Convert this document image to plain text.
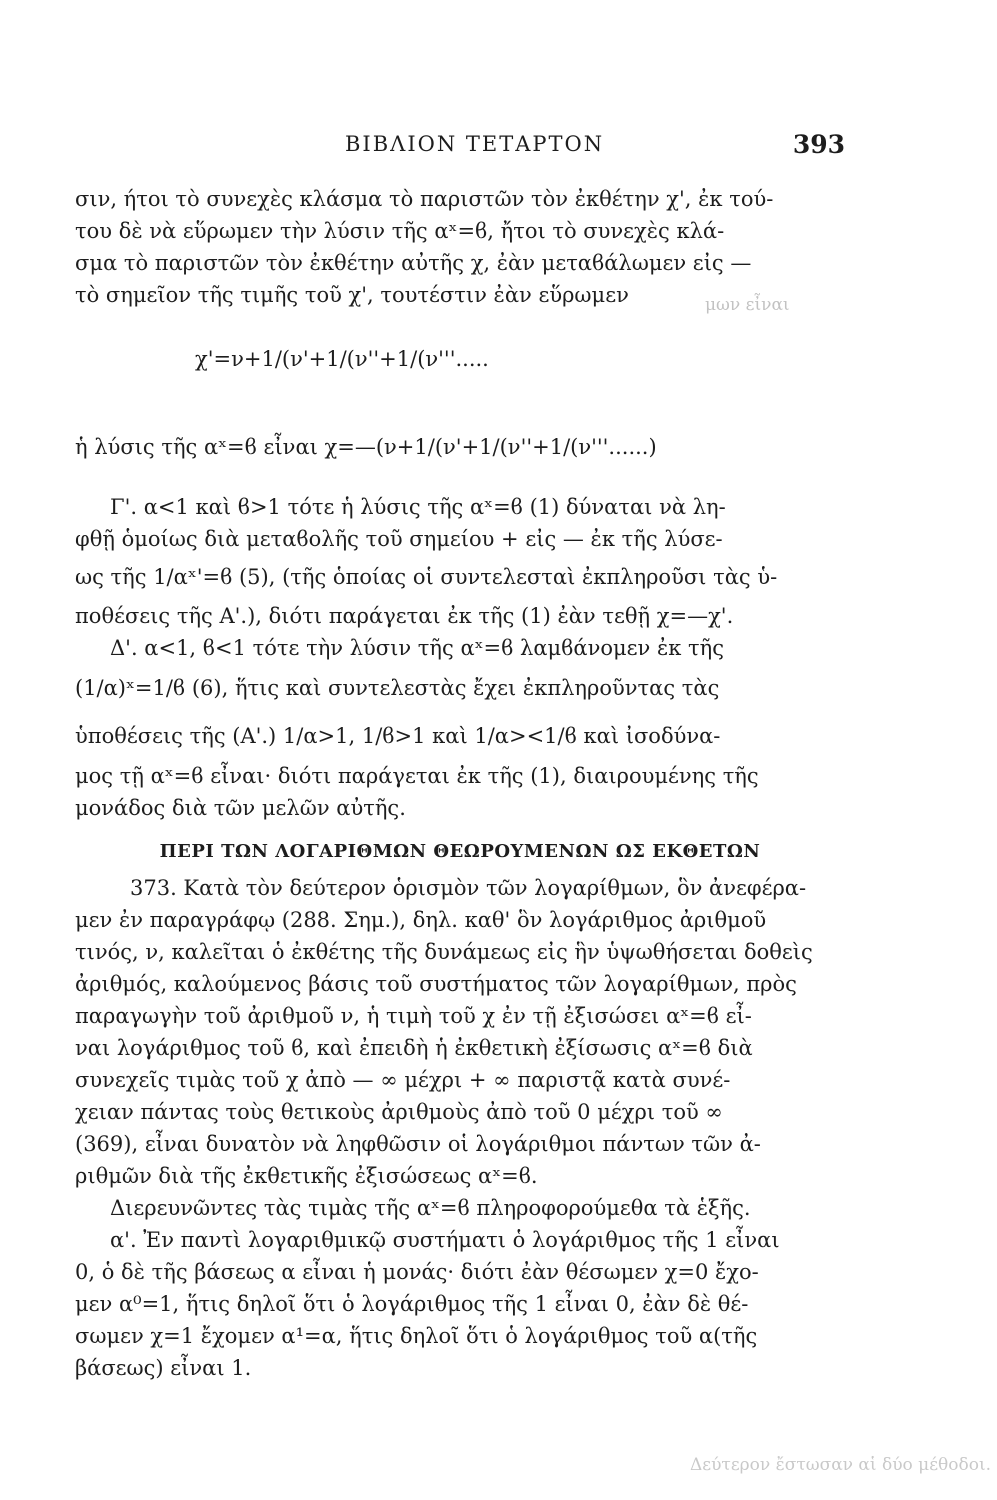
ΒΙΒΛΙΟΝ ΤΕΤΑΡΤΟΝ	393
μων εἶναι
Δεύτερον ἔστωσαν αἱ δύο μέθοδοι.
σιν, ήτοι τὸ συνεχὲς κλάσμα τὸ παριστῶν τὸν ἐκθέτην χ', ἐκ τού-
του δὲ νὰ εὕρωμεν τὴν λύσιν τῆς αˣ=ϐ, ἤτοι τὸ συνεχὲς κλά-
σμα τὸ παριστῶν τὸν ἐκθέτην αὐτῆς χ, ἐὰν μεταϐάλωμεν εἰς —
τὸ σημεῖον τῆς τιμῆς τοῦ χ', τουτέστιν ἐὰν εὕρωμεν
χ'=ν+1/(ν'+1/(ν''+1/(ν'''.....
ἡ λύσις τῆς αˣ=ϐ εἶναι χ=—(ν+1/(ν'+1/(ν''+1/(ν'''......)
Γ'. α<1 καὶ ϐ>1 τότε ἡ λύσις τῆς αˣ=ϐ (1) δύναται νὰ λη-
φθῇ ὁμοίως διὰ μεταϐολῆς τοῦ σημείου + εἰς — ἐκ τῆς λύσε-
ως τῆς 1/αˣ'=ϐ (5), (τῆς ὁποίας οἱ συντελεσταὶ ἐκπληροῦσι τὰς ὑ-
ποθέσεις τῆς Α'.), διότι παράγεται ἐκ τῆς (1) ἐὰν τεθῇ χ=—χ'.
Δ'. α<1, ϐ<1 τότε τὴν λύσιν τῆς αˣ=ϐ λαμϐάνομεν ἐκ τῆς
(1/α)ˣ=1/ϐ (6), ἥτις καὶ συντελεστὰς ἔχει ἐκπληροῦντας τὰς
ὑποθέσεις τῆς (Α'.) 1/α>1, 1/ϐ>1 καὶ 1/α><1/ϐ καὶ ἰσοδύνα-
μος τῇ αˣ=ϐ εἶναι· διότι παράγεται ἐκ τῆς (1), διαιρουμένης τῆς
μονάδος διὰ τῶν μελῶν αὐτῆς.
ΠΕΡΙ ΤΩΝ ΛΟΓΑΡΙΘΜΩΝ ΘΕΩΡΟΥΜΕΝΩΝ ΩΣ ΕΚΘΕΤΩΝ
373. Κατὰ τὸν δεύτερον ὁρισμὸν τῶν λογαρίθμων, ὃν ἀνεφέρα-
μεν ἐν παραγράφῳ (288. Σημ.), δηλ. καθ' ὃν λογάριθμος ἀριθμοῦ
τινός, ν, καλεῖται ὁ ἐκθέτης τῆς δυνάμεως εἰς ἣν ὑψωθήσεται δοθεὶς
ἀριθμός, καλούμενος βάσις τοῦ συστήματος τῶν λογαρίθμων, πρὸς
παραγωγὴν τοῦ ἀριθμοῦ ν, ἡ τιμὴ τοῦ χ ἐν τῇ ἐξισώσει αˣ=ϐ εἶ-
ναι λογάριθμος τοῦ ϐ, καὶ ἐπειδὴ ἡ ἐκθετικὴ ἐξίσωσις αˣ=ϐ διὰ
συνεχεῖς τιμὰς τοῦ χ ἀπὸ — ∞ μέχρι + ∞ παριστᾷ κατὰ συνέ-
χειαν πάντας τοὺς θετικοὺς ἀριθμοὺς ἀπὸ τοῦ 0 μέχρι τοῦ ∞
(369), εἶναι δυνατὸν νὰ ληφθῶσιν οἱ λογάριθμοι πάντων τῶν ἀ-
ριθμῶν διὰ τῆς ἐκθετικῆς ἐξισώσεως αˣ=ϐ.
Διερευνῶντες τὰς τιμὰς τῆς αˣ=ϐ πληροφορούμεθα τὰ ἑξῆς.
α'. Ἐν παντὶ λογαριθμικῷ συστήματι ὁ λογάριθμος τῆς 1 εἶναι
0, ὁ δὲ τῆς βάσεως α εἶναι ἡ μονάς· διότι ἐὰν θέσωμεν χ=0 ἔχο-
μεν α⁰=1, ἥτις δηλοῖ ὅτι ὁ λογάριθμος τῆς 1 εἶναι 0, ἐὰν δὲ θέ-
σωμεν χ=1 ἔχομεν α¹=α, ἥτις δηλοῖ ὅτι ὁ λογάριθμος τοῦ α(τῆς
βάσεως) εἶναι 1.
